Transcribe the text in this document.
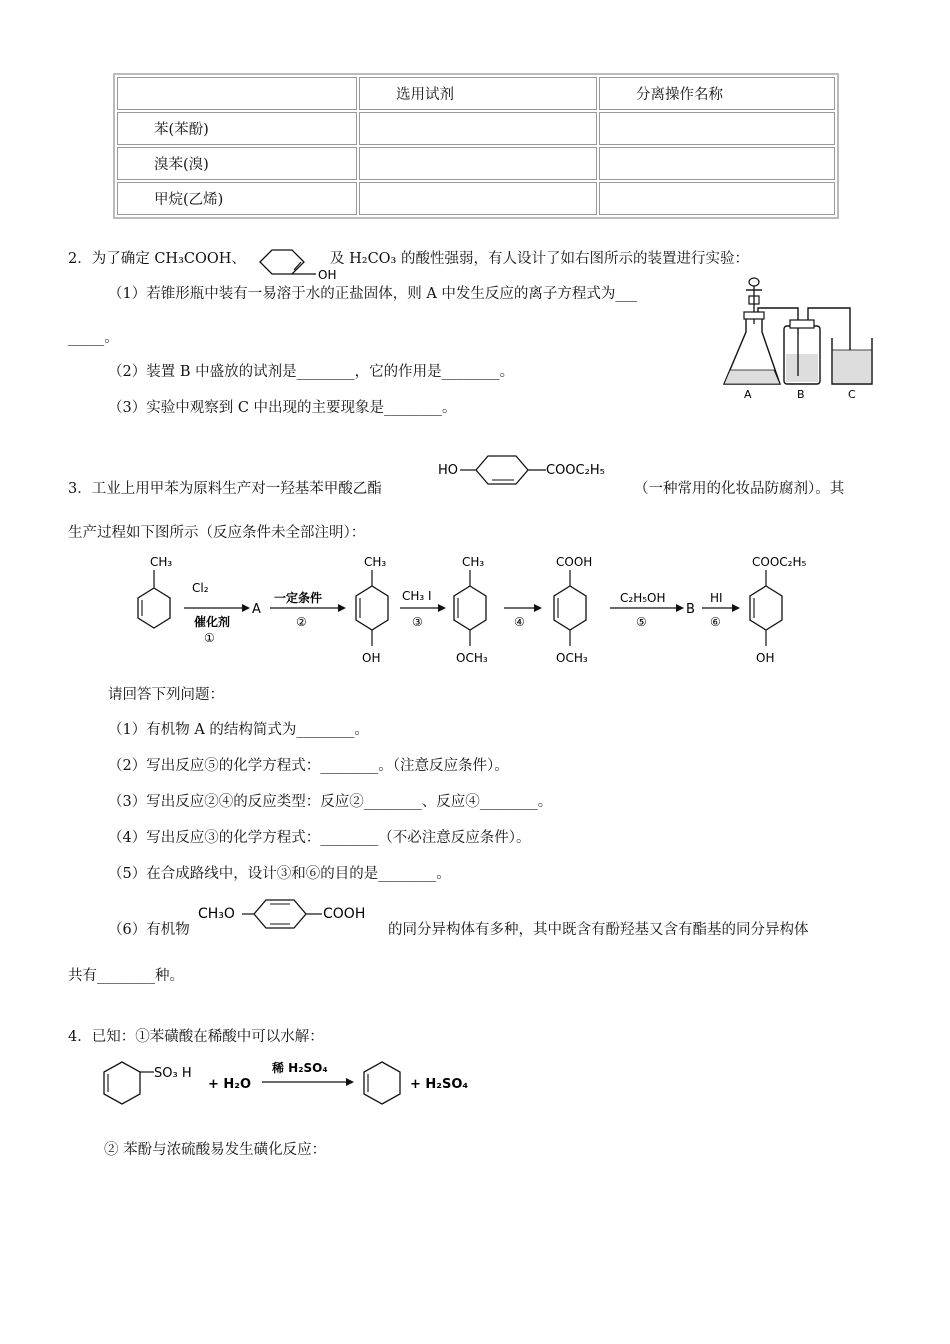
	选用试剂	分离操作名称
苯(苯酚)		
溴苯(溴)		
甲烷(乙烯)		
2．为了确定 CH₃COOH、
OH
及 H₂CO₃ 的酸性强弱，有人设计了如右图所示的装置进行实验：
（1）若锥形瓶中装有一易溶于水的正盐固体，则 A 中发生反应的离子方程式为___
_____。
（2）装置 B 中盛放的试剂是________，它的作用是________。
（3）实验中观察到 C 中出现的主要现象是________。
A	B	C
3．工业上用甲苯为原料生产对一羟基苯甲酸乙酯
HO	COOC₂H₅
（一种常用的化妆品防腐剂）。其
生产过程如下图所示（反应条件未全部注明）：
CH₃
Cl₂
催化剂
①
A
一定条件
②
CH₃
OH
CH₃ I
③
CH₃
OCH₃
④
COOH
OCH₃
C₂H₅OH
⑤
B
HI
⑥
COOC₂H₅
OH
请回答下列问题：
（1）有机物 A 的结构简式为________。
（2）写出反应⑤的化学方程式：________。（注意反应条件）。
（3）写出反应②④的反应类型：反应②________、反应④________。
（4）写出反应③的化学方程式：________（不必注意反应条件）。
（5）在合成路线中，设计③和⑥的目的是________。
（6）有机物
CH₃O	COOH
的同分异构体有多种，其中既含有酚羟基又含有酯基的同分异构体
共有________种。
4．已知：①苯磺酸在稀酸中可以水解：
SO₃ H
+ H₂O
稀 H₂SO₄
+ H₂SO₄
② 苯酚与浓硫酸易发生磺化反应：
